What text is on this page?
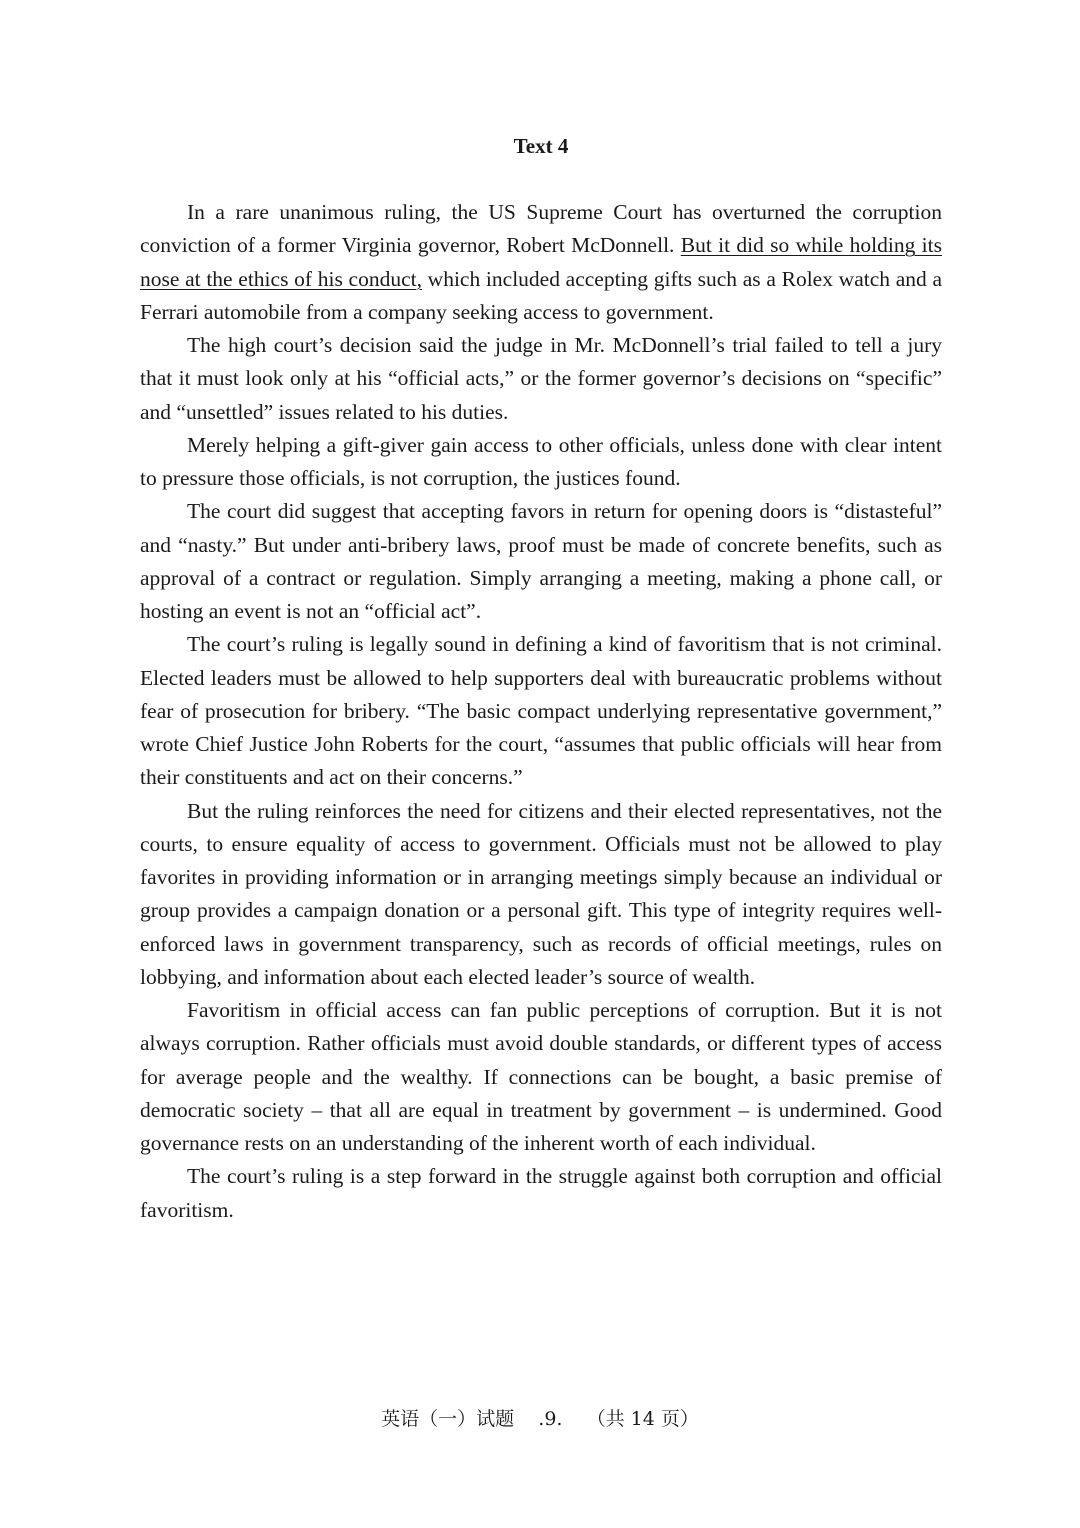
Text 4

In a rare unanimous ruling, the US Supreme Court has overturned the corruption conviction of a former Virginia governor, Robert McDonnell. But it did so while holding its nose at the ethics of his conduct, which included accepting gifts such as a Rolex watch and a Ferrari automobile from a company seeking access to government.

The high court’s decision said the judge in Mr. McDonnell’s trial failed to tell a jury that it must look only at his “official acts,” or the former governor’s decisions on “specific” and “unsettled” issues related to his duties.

Merely helping a gift-giver gain access to other officials, unless done with clear intent to pressure those officials, is not corruption, the justices found.

The court did suggest that accepting favors in return for opening doors is “distasteful” and “nasty.” But under anti-bribery laws, proof must be made of concrete benefits, such as approval of a contract or regulation. Simply arranging a meeting, making a phone call, or hosting an event is not an “official act”.

The court’s ruling is legally sound in defining a kind of favoritism that is not criminal. Elected leaders must be allowed to help supporters deal with bureaucratic problems without fear of prosecution for bribery. “The basic compact underlying representative government,” wrote Chief Justice John Roberts for the court, “assumes that public officials will hear from their constituents and act on their concerns.”

But the ruling reinforces the need for citizens and their elected representatives, not the courts, to ensure equality of access to government. Officials must not be allowed to play favorites in providing information or in arranging meetings simply because an individual or group provides a campaign donation or a personal gift. This type of integrity requires well-enforced laws in government transparency, such as records of official meetings, rules on lobbying, and information about each elected leader’s source of wealth.

Favoritism in official access can fan public perceptions of corruption. But it is not always corruption. Rather officials must avoid double standards, or different types of access for average people and the wealthy. If connections can be bought, a basic premise of democratic society – that all are equal in treatment by government – is undermined. Good governance rests on an understanding of the inherent worth of each individual.

The court’s ruling is a step forward in the struggle against both corruption and official favoritism.

英语（一）试题    .9.    （共 14 页）
